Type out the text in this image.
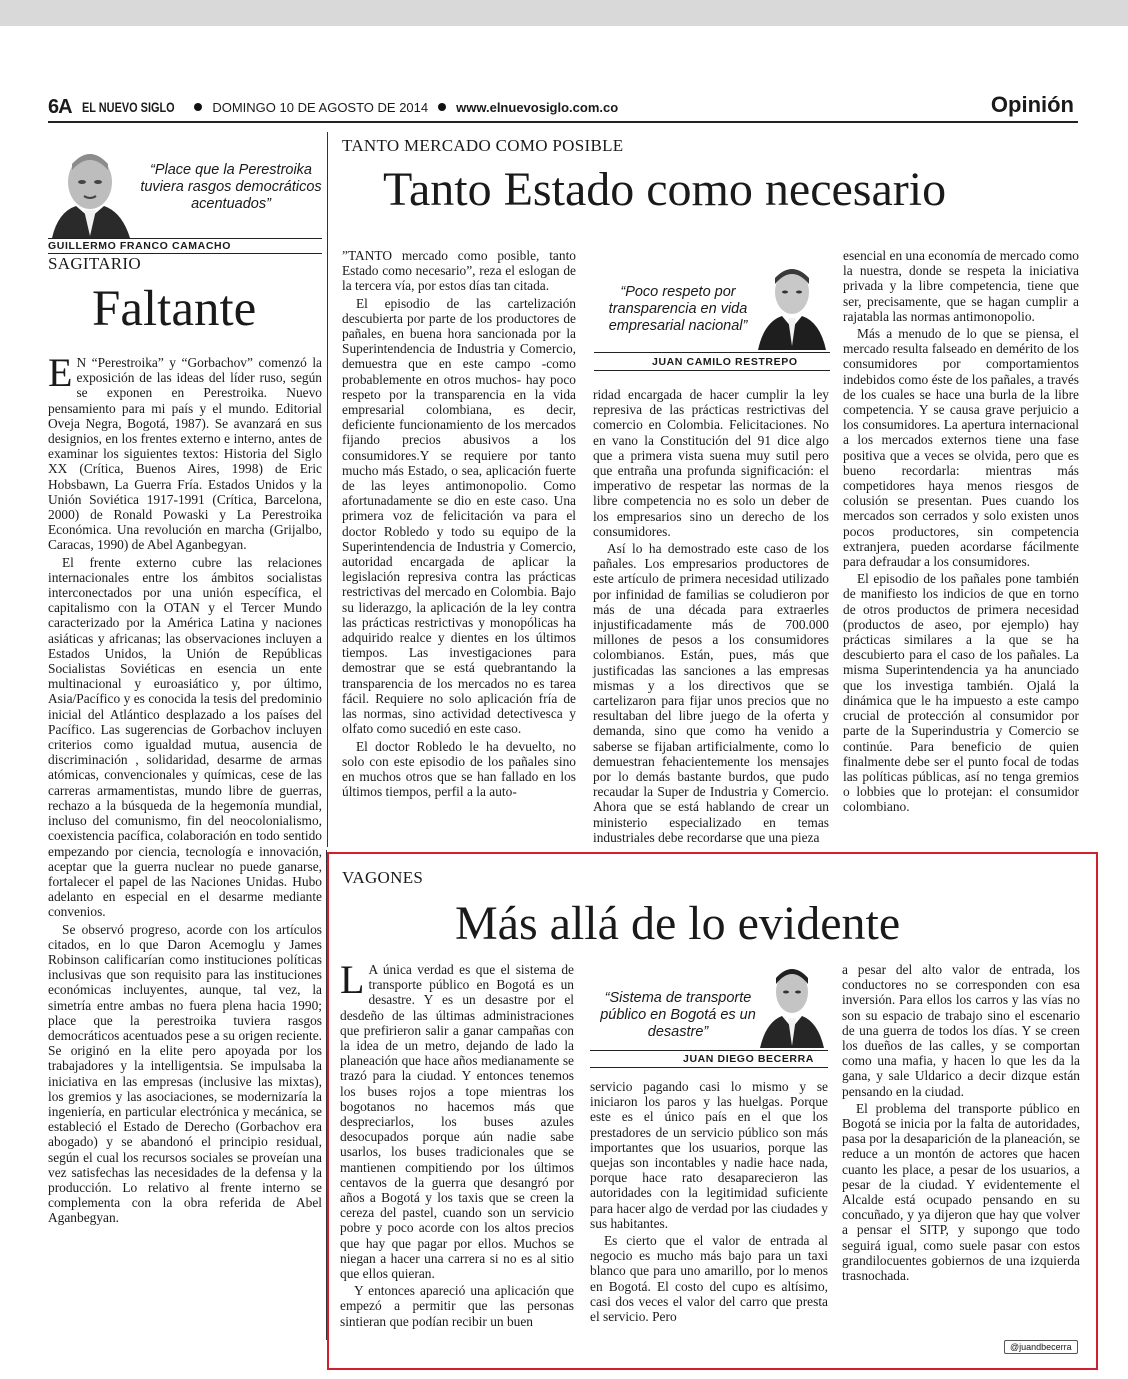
6A EL NUEVO SIGLO	DOMINGO 10 DE AGOSTO DE 2014 www.elnuevosiglo.com.co	Opinión
“Place que la Perestroika tuviera rasgos democráticos acentuados”
GUILLERMO FRANCO CAMACHO
SAGITARIO
Faltante

E N “Perestroika” y “Gorbachov” comenzó la exposición de las ideas del líder ruso, según se exponen en Perestroika. Nuevo pensamiento para mi país y el mundo. Editorial Oveja Negra, Bogotá, 1987). Se avanzará en sus designios, en los frentes externo e interno, antes de examinar los siguientes textos: Historia del Siglo XX (Crítica, Buenos Aires, 1998) de Eric Hobsbawn, La Guerra Fría. Estados Unidos y la Unión Soviética 1917-1991 (Crítica, Barcelona, 2000) de Ronald Powaski y La Perestroika Económica. Una revolución en marcha (Grijalbo, Caracas, 1990) de Abel Aganbegyan.

El frente externo cubre las relaciones internacionales entre los ámbitos socialistas interconectados por una unión específica, el capitalismo con la OTAN y el Tercer Mundo caracterizado por la América Latina y naciones asiáticas y africanas; las observaciones incluyen a Estados Unidos, la Unión de Repúblicas Socialistas Soviéticas en esencia un ente multinacional y euroasiático y, por último, Asia/Pacífico y es conocida la tesis del predominio inicial del Atlántico desplazado a los países del Pacífico. Las sugerencias de Gorbachov incluyen criterios como igualdad mutua, ausencia de discriminación , solidaridad, desarme de armas atómicas, convencionales y químicas, cese de las carreras armamentistas, mundo libre de guerras, rechazo a la búsqueda de la hegemonía mundial, incluso del comunismo, fin del neocolonialismo, coexistencia pacífica, colaboración en todo sentido empezando por ciencia, tecnología e innovación, aceptar que la guerra nuclear no puede ganarse, fortalecer el papel de las Naciones Unidas. Hubo adelanto en especial en el desarme mediante convenios.

Se observó progreso, acorde con los artículos citados, en lo que Daron Acemoglu y James Robinson calificarían como instituciones políticas inclusivas que son requisito para las instituciones económicas incluyentes, aunque, tal vez, la simetría entre ambas no fuera plena hacia 1990; place que la perestroika tuviera rasgos democráticos acentuados pese a su origen reciente. Se originó en la elite pero apoyada por los trabajadores y la intelligentsia. Se impulsaba la iniciativa en las empresas (inclusive las mixtas), los gremios y las asociaciones, se modernizaría la ingeniería, en particular electrónica y mecánica, se estableció el Estado de Derecho (Gorbachov era abogado) y se abandonó el principio residual, según el cual los recursos sociales se proveían una vez satisfechas las necesidades de la defensa y la producción. Lo relativo al frente interno se complementa con la obra referida de Abel Aganbegyan.

TANTO MERCADO COMO POSIBLE
Tanto Estado como necesario

”TANTO mercado como posible, tanto Estado como necesario”, reza el eslogan de la tercera vía, por estos días tan citada.

El episodio de las cartelización descubierta por parte de los productores de pañales, en buena hora sancionada por la Superintendencia de Industria y Comercio, demuestra que en este campo -como probablemente en otros muchos- hay poco respeto por la transparencia en la vida empresarial colombiana, es decir, deficiente funcionamiento de los mercados fijando precios abusivos a los consumidores.Y se requiere por tanto mucho más Estado, o sea, aplicación fuerte de las leyes antimonopolio. Como afortunadamente se dio en este caso. Una primera voz de felicitación va para el doctor Robledo y todo su equipo de la Superintendencia de Industria y Comercio, autoridad encargada de aplicar la legislación represiva contra las prácticas restrictivas del mercado en Colombia. Bajo su liderazgo, la aplicación de la ley contra las prácticas restrictivas y monopólicas ha adquirido realce y dientes en los últimos tiempos. Las investigaciones para demostrar que se está quebrantando la transparencia de los mercados no es tarea fácil. Requiere no solo aplicación fría de las normas, sino actividad detectivesca y olfato como sucedió en este caso.

El doctor Robledo le ha devuelto, no solo con este episodio de los pañales sino en muchos otros que se han fallado en los últimos tiempos, perfil a la auto-

“Poco respeto por transparencia en vida empresarial nacional”
JUAN CAMILO RESTREPO

ridad encargada de hacer cumplir la ley represiva de las prácticas restrictivas del comercio en Colombia. Felicitaciones. No en vano la Constitución del 91 dice algo que a primera vista suena muy sutil pero que entraña una profunda significación: el imperativo de respetar las normas de la libre competencia no es solo un deber de los empresarios sino un derecho de los consumidores.

Así lo ha demostrado este caso de los pañales. Los empresarios productores de este artículo de primera necesidad utilizado por infinidad de familias se coludieron por más de una década para extraerles injustificadamente más de 700.000 millones de pesos a los consumidores colombianos. Están, pues, más que justificadas las sanciones a las empresas mismas y a los directivos que se cartelizaron para fijar unos precios que no resultaban del libre juego de la oferta y demanda, sino que como ha venido a saberse se fijaban artificialmente, como lo demuestran fehacientemente los mensajes por lo demás bastante burdos, que pudo recaudar la Super de Industria y Comercio. Ahora que se está hablando de crear un ministerio especializado en temas industriales debe recordarse que una pieza

esencial en una economía de mercado como la nuestra, donde se respeta la iniciativa privada y la libre competencia, tiene que ser, precisamente, que se hagan cumplir a rajatabla las normas antimonopolio.

Más a menudo de lo que se piensa, el mercado resulta falseado en demérito de los consumidores por comportamientos indebidos como éste de los pañales, a través de los cuales se hace una burla de la libre competencia. Y se causa grave perjuicio a los consumidores. La apertura internacional a los mercados externos tiene una fase positiva que a veces se olvida, pero que es bueno recordarla: mientras más competidores haya menos riesgos de colusión se presentan. Pues cuando los mercados son cerrados y solo existen unos pocos productores, sin competencia extranjera, pueden acordarse fácilmente para defraudar a los consumidores.

El episodio de los pañales pone también de manifiesto los indicios de que en torno de otros productos de primera necesidad (productos de aseo, por ejemplo) hay prácticas similares a la que se ha descubierto para el caso de los pañales. La misma Superintendencia ya ha anunciado que los investiga también. Ojalá la dinámica que le ha impuesto a este campo crucial de protección al consumidor por parte de la Superindustria y Comercio se continúe. Para beneficio de quien finalmente debe ser el punto focal de todas las políticas públicas, así no tenga gremios o lobbies que lo protejan: el consumidor colombiano.

VAGONES
Más allá de lo evidente

L A única verdad es que el sistema de transporte público en Bogotá es un desastre. Y es un desastre por el desdeño de las últimas administraciones que prefirieron salir a ganar campañas con la idea de un metro, dejando de lado la planeación que hace años medianamente se trazó para la ciudad. Y entonces tenemos los buses rojos a tope mientras los bogotanos no hacemos más que despreciarlos, los buses azules desocupados porque aún nadie sabe usarlos, los buses tradicionales que se mantienen compitiendo por los últimos centavos de la guerra que desangró por años a Bogotá y los taxis que se creen la cereza del pastel, cuando son un servicio pobre y poco acorde con los altos precios que hay que pagar por ellos. Muchos se niegan a hacer una carrera si no es al sitio que ellos quieran.

Y entonces apareció una aplicación que empezó a permitir que las personas sintieran que podían recibir un buen

“Sistema de transporte público en Bogotá es un desastre”
JUAN DIEGO BECERRA

servicio pagando casi lo mismo y se iniciaron los paros y las huelgas. Porque este es el único país en el que los prestadores de un servicio público son más importantes que los usuarios, porque las quejas son incontables y nadie hace nada, porque hace rato desaparecieron las autoridades con la legitimidad suficiente para hacer algo de verdad por las ciudades y sus habitantes.

Es cierto que el valor de entrada al negocio es mucho más bajo para un taxi blanco que para uno amarillo, por lo menos en Bogotá. El costo del cupo es altísimo, casi dos veces el valor del carro que presta el servicio. Pero

a pesar del alto valor de entrada, los conductores no se corresponden con esa inversión. Para ellos los carros y las vías no son su espacio de trabajo sino el escenario de una guerra de todos los días. Y se creen los dueños de las calles, y se comportan como una mafia, y hacen lo que les da la gana, y sale Uldarico a decir dizque están pensando en la ciudad.

El problema del transporte público en Bogotá se inicia por la falta de autoridades, pasa por la desaparición de la planeación, se reduce a un montón de actores que hacen cuanto les place, a pesar de los usuarios, a pesar de la ciudad. Y evidentemente el Alcalde está ocupado pensando en su concuñado, y ya dijeron que hay que volver a pensar el SITP, y supongo que todo seguirá igual, como suele pasar con estos grandilocuentes gobiernos de una izquierda trasnochada.

@juandbecerra
